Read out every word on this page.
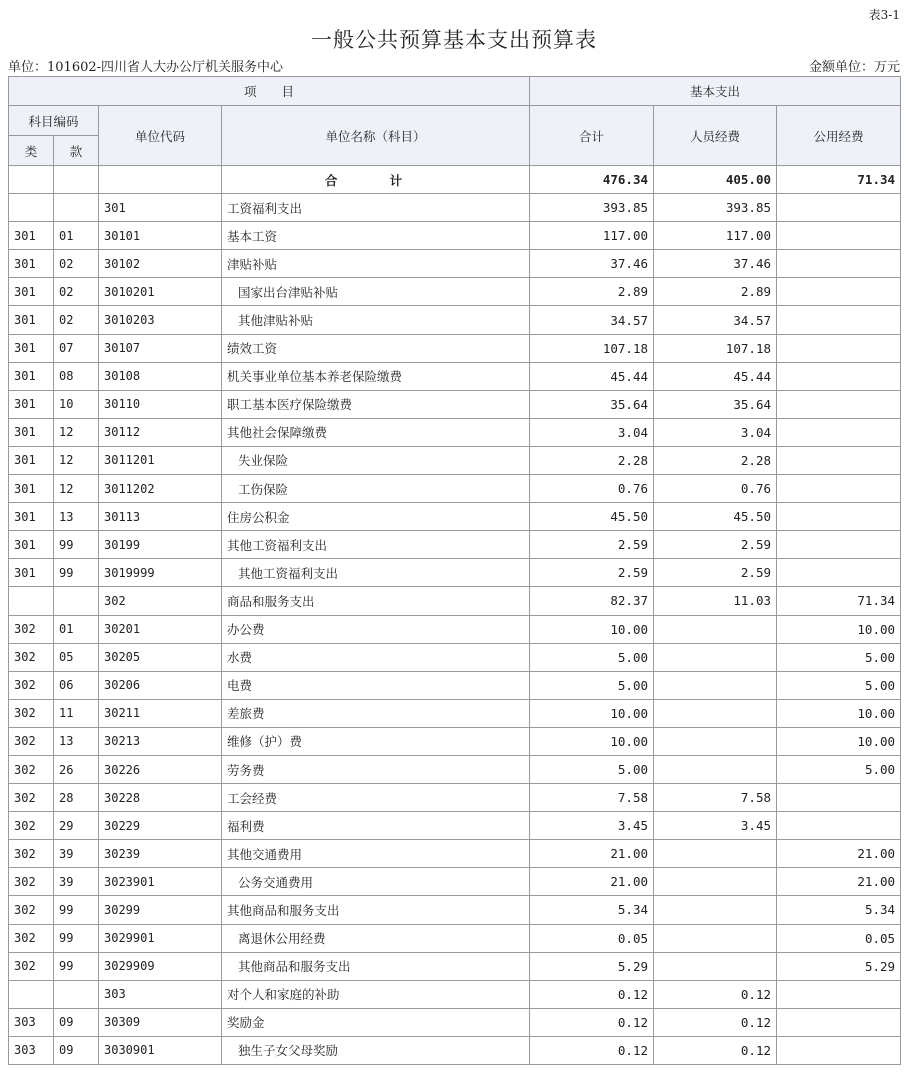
表3-1
一般公共预算基本支出预算表
单位：101602-四川省人大办公厅机关服务中心	金额单位：万元
项　　目				基本支出		
科目编码		单位代码	单位名称（科目）	合计	人员经费	公用经费
类	款					
			合 计	476.34	405.00	71.34
		301	工资福利支出	393.85	393.85	
301	01	30101	基本工资	117.00	117.00	
301	02	30102	津贴补贴	37.46	37.46	
301	02	3010201	国家出台津贴补贴	2.89	2.89	
301	02	3010203	其他津贴补贴	34.57	34.57	
301	07	30107	绩效工资	107.18	107.18	
301	08	30108	机关事业单位基本养老保险缴费	45.44	45.44	
301	10	30110	职工基本医疗保险缴费	35.64	35.64	
301	12	30112	其他社会保障缴费	3.04	3.04	
301	12	3011201	失业保险	2.28	2.28	
301	12	3011202	工伤保险	0.76	0.76	
301	13	30113	住房公积金	45.50	45.50	
301	99	30199	其他工资福利支出	2.59	2.59	
301	99	3019999	其他工资福利支出	2.59	2.59	
		302	商品和服务支出	82.37	11.03	71.34
302	01	30201	办公费	10.00		10.00
302	05	30205	水费	5.00		5.00
302	06	30206	电费	5.00		5.00
302	11	30211	差旅费	10.00		10.00
302	13	30213	维修（护）费	10.00		10.00
302	26	30226	劳务费	5.00		5.00
302	28	30228	工会经费	7.58	7.58	
302	29	30229	福利费	3.45	3.45	
302	39	30239	其他交通费用	21.00		21.00
302	39	3023901	公务交通费用	21.00		21.00
302	99	30299	其他商品和服务支出	5.34		5.34
302	99	3029901	离退休公用经费	0.05		0.05
302	99	3029909	其他商品和服务支出	5.29		5.29
		303	对个人和家庭的补助	0.12	0.12	
303	09	30309	奖励金	0.12	0.12	
303	09	3030901	独生子女父母奖励	0.12	0.12	
